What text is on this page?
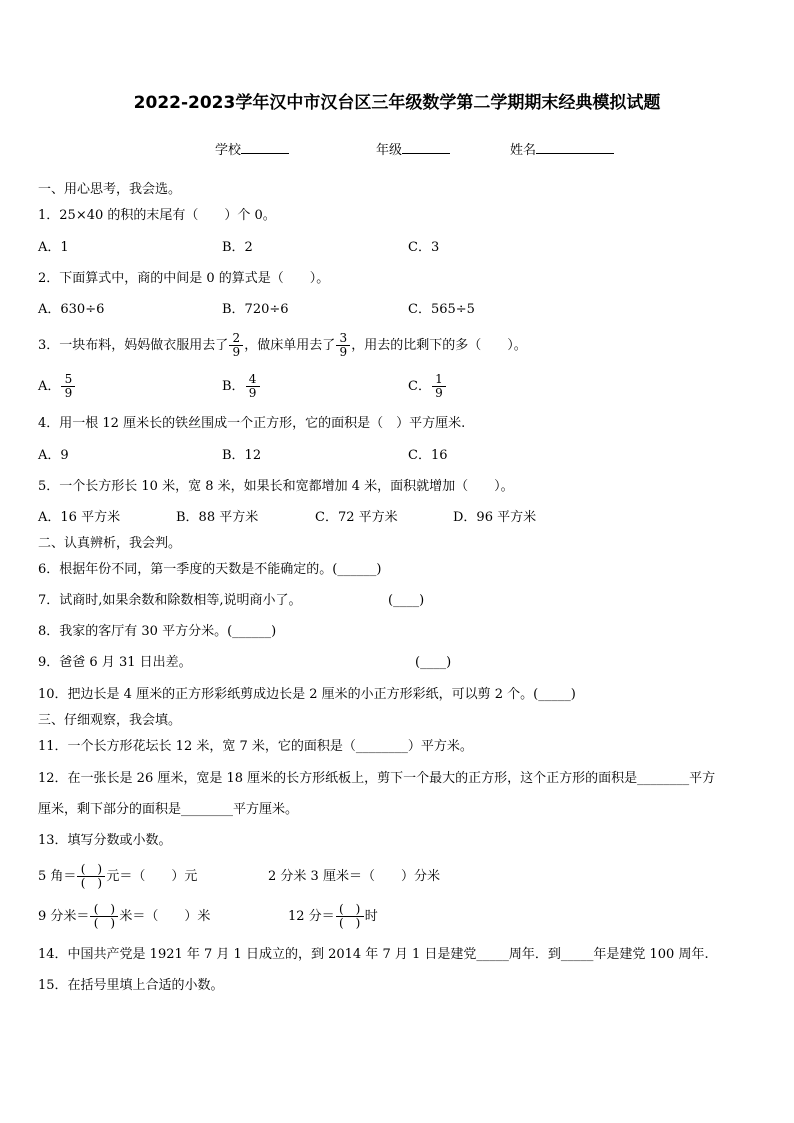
2022-2023学年汉中市汉台区三年级数学第二学期期末经典模拟试题
学校	年级	姓名
一、用心思考，我会选。
1．25×40 的积的末尾有（　　）个 0。
A．1	B．2	C．3
2．下面算式中，商的中间是 0 的算式是（　　）。
A．630÷6	B．720÷6	C．565÷5
3．一块布料，妈妈做衣服用去了 $\frac{2}{9}$ ，做床单用去了 $\frac{3}{9}$ ，用去的比剩下的多（　　）。
A． $\frac{5}{9}$	B． $\frac{4}{9}$	C． $\frac{1}{9}$
4．用一根 12 厘米长的铁丝围成一个正方形，它的面积是（　）平方厘米.
A．9	B．12	C．16
5．一个长方形长 10 米，宽 8 米，如果长和宽都增加 4 米，面积就增加（　　）。
A．16 平方米	B．88 平方米	C．72 平方米	D．96 平方米
二、认真辨析，我会判。
6．根据年份不同，第一季度的天数是不能确定的。(______)
7．试商时,如果余数和除数相等,说明商小了。	(____)
8．我家的客厅有 30 平方分米。(______)
9．爸爸 6 月 31 日出差。	(____)
10．把边长是 4 厘米的正方形彩纸剪成边长是 2 厘米的小正方形彩纸，可以剪 2 个。(_____)
三、仔细观察，我会填。
11．一个长方形花坛长 12 米，宽 7 米，它的面积是（________）平方米。
12．在一张长是 26 厘米，宽是 18 厘米的长方形纸板上，剪下一个最大的正方形，这个正方形的面积是________平方
厘米，剩下部分的面积是________平方厘米。
13．填写分数或小数。
5 角＝ $\frac{( )}{( )}$ 元＝（　　）元	2 分米 3 厘米＝（　　）分米
9 分米＝ $\frac{( )}{( )}$ 米＝（　　）米	12 分＝ $\frac{( )}{( )}$ 时
14．中国共产党是 1921 年 7 月 1 日成立的，到 2014 年 7 月 1 日是建党_____周年．到_____年是建党 100 周年.
15．在括号里填上合适的小数。
